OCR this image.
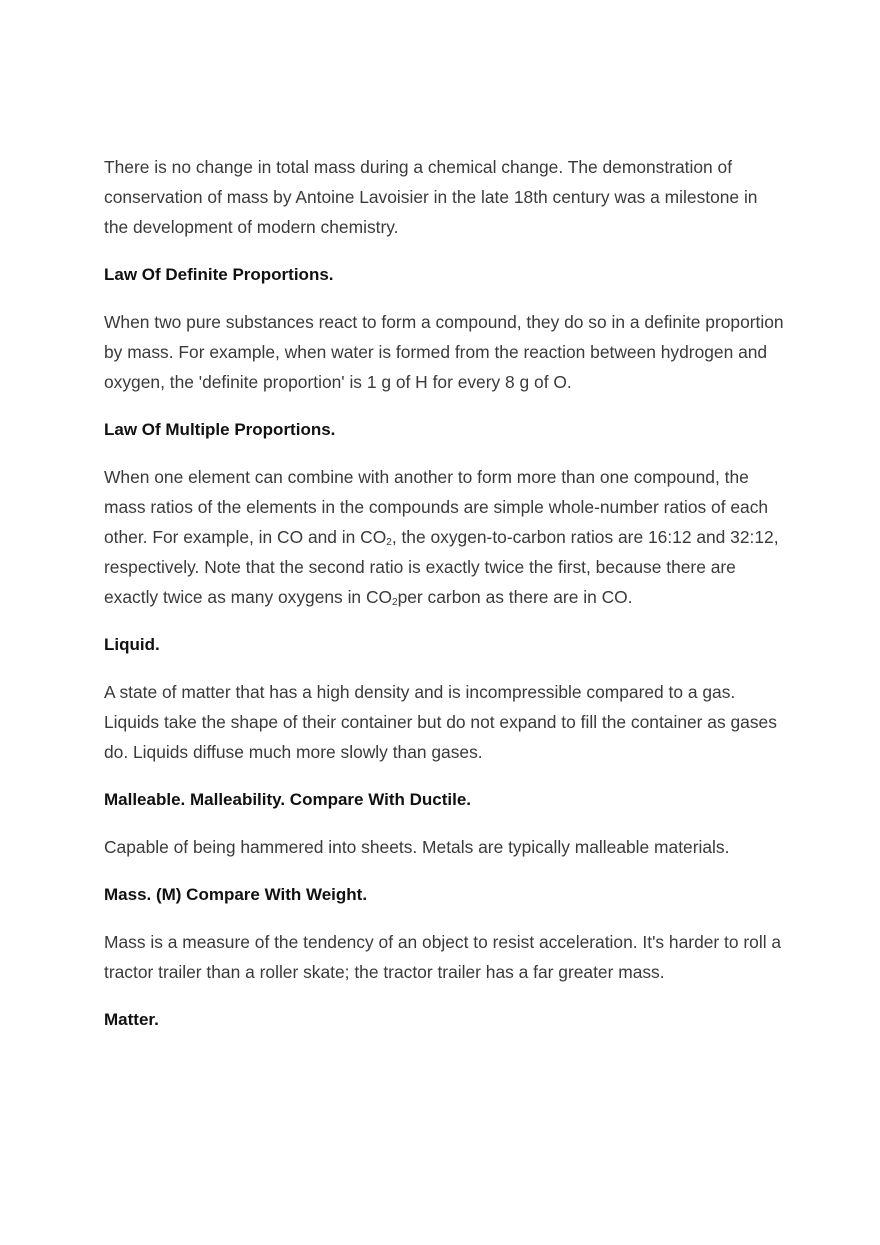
There is no change in total mass during a chemical change. The demonstration of conservation of mass by Antoine Lavoisier in the late 18th century was a milestone in the development of modern chemistry.

Law Of Definite Proportions.

When two pure substances react to form a compound, they do so in a definite proportion by mass. For example, when water is formed from the reaction between hydrogen and oxygen, the 'definite proportion' is 1 g of H for every 8 g of O.

Law Of Multiple Proportions.

When one element can combine with another to form more than one compound, the mass ratios of the elements in the compounds are simple whole-number ratios of each other. For example, in CO and in $CO_2$, the oxygen-to-carbon ratios are 16:12 and 32:12, respectively. Note that the second ratio is exactly twice the first, because there are exactly twice as many oxygens in $CO_2per$ carbon as there are in CO.

Liquid.

A state of matter that has a high density and is incompressible compared to a gas. Liquids take the shape of their container but do not expand to fill the container as gases do. Liquids diffuse much more slowly than gases.

Malleable. Malleability. Compare With Ductile.

Capable of being hammered into sheets. Metals are typically malleable materials.

Mass. (M) Compare With Weight.

Mass is a measure of the tendency of an object to resist acceleration. It's harder to roll a tractor trailer than a roller skate; the tractor trailer has a far greater mass.

Matter.
